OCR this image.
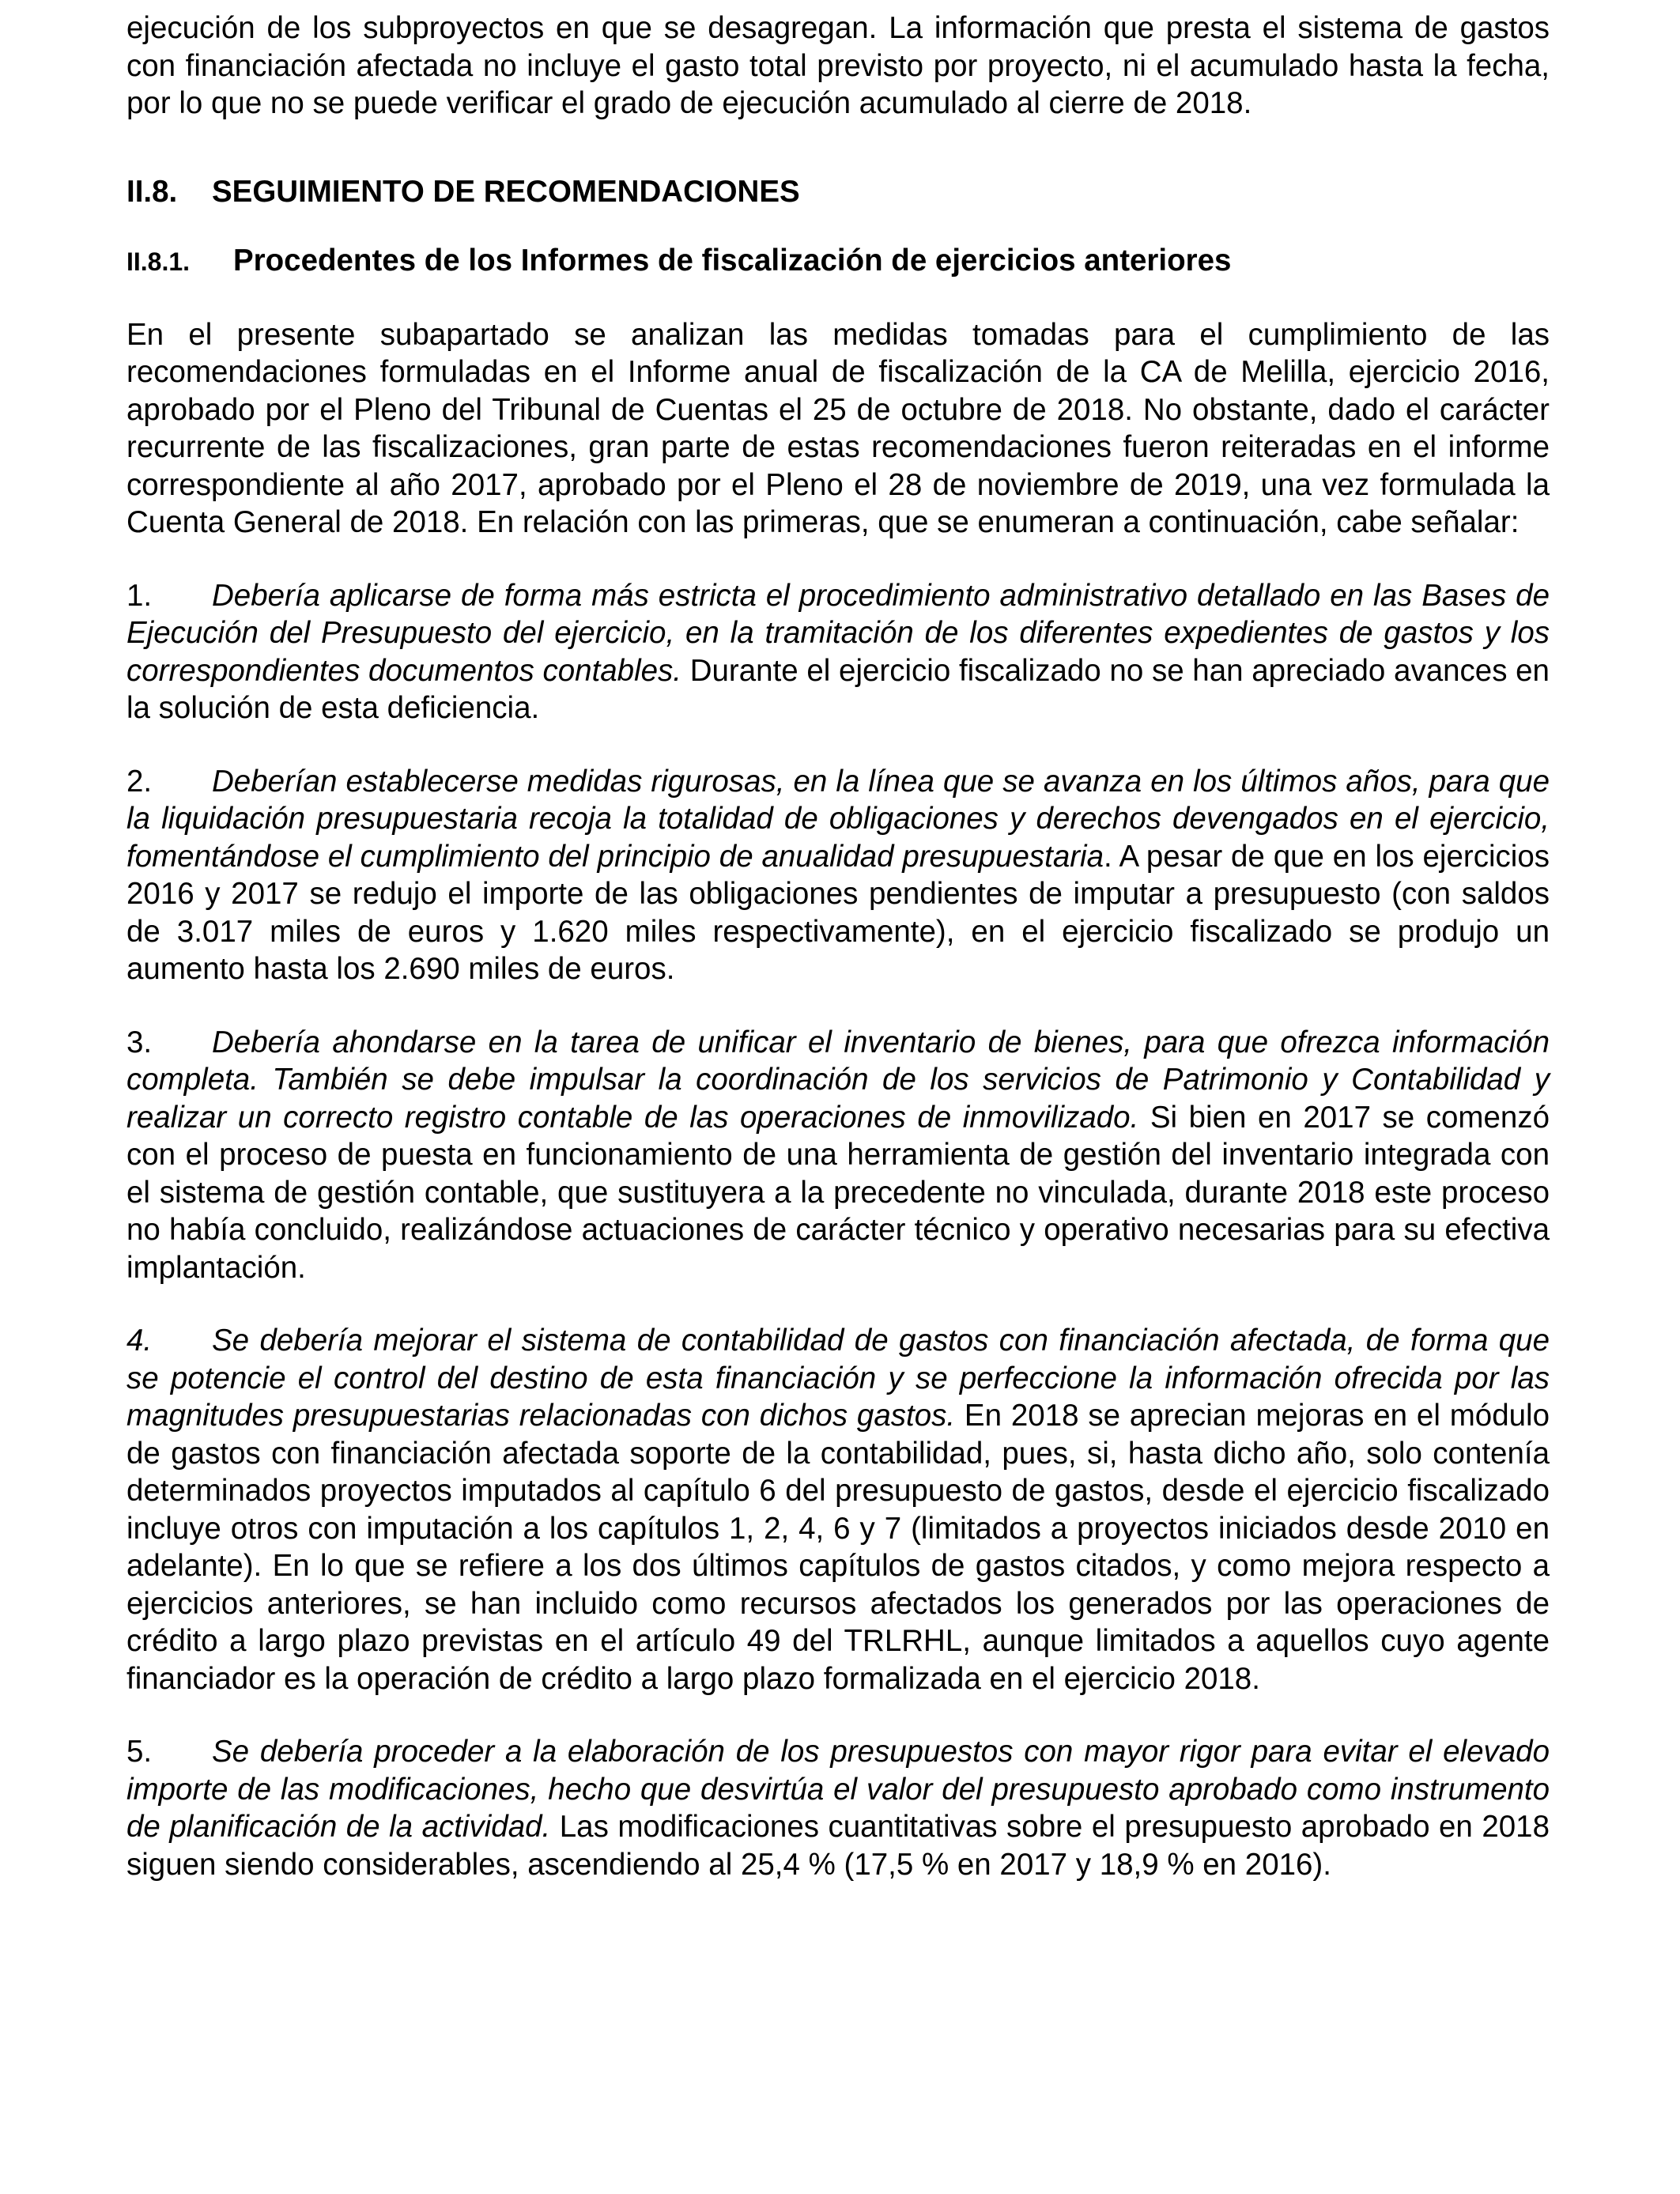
ejecución de los subproyectos en que se desagregan. La información que presta el sistema de gastos con financiación afectada no incluye el gasto total previsto por proyecto, ni el acumulado hasta la fecha, por lo que no se puede verificar el grado de ejecución acumulado al cierre de 2018.

II.8. SEGUIMIENTO DE RECOMENDACIONES
II.8.1. Procedentes de los Informes de fiscalización de ejercicios anteriores

En el presente subapartado se analizan las medidas tomadas para el cumplimiento de las recomendaciones formuladas en el Informe anual de fiscalización de la CA de Melilla, ejercicio 2016, aprobado por el Pleno del Tribunal de Cuentas el 25 de octubre de 2018. No obstante, dado el carácter recurrente de las fiscalizaciones, gran parte de estas recomendaciones fueron reiteradas en el informe correspondiente al año 2017, aprobado por el Pleno el 28 de noviembre de 2019, una vez formulada la Cuenta General de 2018. En relación con las primeras, que se enumeran a continuación, cabe señalar:

1. Debería aplicarse de forma más estricta el procedimiento administrativo detallado en las Bases de Ejecución del Presupuesto del ejercicio, en la tramitación de los diferentes expedientes de gastos y los correspondientes documentos contables. Durante el ejercicio fiscalizado no se han apreciado avances en la solución de esta deficiencia.

2. Deberían establecerse medidas rigurosas, en la línea que se avanza en los últimos años, para que la liquidación presupuestaria recoja la totalidad de obligaciones y derechos devengados en el ejercicio, fomentándose el cumplimiento del principio de anualidad presupuestaria. A pesar de que en los ejercicios 2016 y 2017 se redujo el importe de las obligaciones pendientes de imputar a presupuesto (con saldos de 3.017 miles de euros y 1.620 miles respectivamente), en el ejercicio fiscalizado se produjo un aumento hasta los 2.690 miles de euros.

3. Debería ahondarse en la tarea de unificar el inventario de bienes, para que ofrezca información completa. También se debe impulsar la coordinación de los servicios de Patrimonio y Contabilidad y realizar un correcto registro contable de las operaciones de inmovilizado. Si bien en 2017 se comenzó con el proceso de puesta en funcionamiento de una herramienta de gestión del inventario integrada con el sistema de gestión contable, que sustituyera a la precedente no vinculada, durante 2018 este proceso no había concluido, realizándose actuaciones de carácter técnico y operativo necesarias para su efectiva implantación.

4. Se debería mejorar el sistema de contabilidad de gastos con financiación afectada, de forma que se potencie el control del destino de esta financiación y se perfeccione la información ofrecida por las magnitudes presupuestarias relacionadas con dichos gastos. En 2018 se aprecian mejoras en el módulo de gastos con financiación afectada soporte de la contabilidad, pues, si, hasta dicho año, solo contenía determinados proyectos imputados al capítulo 6 del presupuesto de gastos, desde el ejercicio fiscalizado incluye otros con imputación a los capítulos 1, 2, 4, 6 y 7 (limitados a proyectos iniciados desde 2010 en adelante). En lo que se refiere a los dos últimos capítulos de gastos citados, y como mejora respecto a ejercicios anteriores, se han incluido como recursos afectados los generados por las operaciones de crédito a largo plazo previstas en el artículo 49 del TRLRHL, aunque limitados a aquellos cuyo agente financiador es la operación de crédito a largo plazo formalizada en el ejercicio 2018.

5. Se debería proceder a la elaboración de los presupuestos con mayor rigor para evitar el elevado importe de las modificaciones, hecho que desvirtúa el valor del presupuesto aprobado como instrumento de planificación de la actividad. Las modificaciones cuantitativas sobre el presupuesto aprobado en 2018 siguen siendo considerables, ascendiendo al 25,4 % (17,5 % en 2017 y 18,9 % en 2016).
